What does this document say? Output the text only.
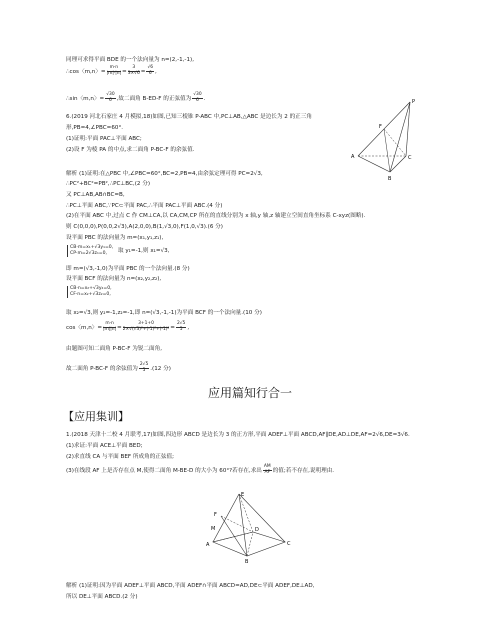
同理可求得平面 BDE 的一个法向量为 n=(2,-1,-1),
∴cos〈m,n〉= $\frac{m\cdot n}{|m|\cdot|n|} = \frac{3}{3\times√6} = \frac{√6}{6}$ ,
∴sin〈m,n〉= $\frac{√30}{6}$ ,故二面角 B-ED-F 的正弦值为 $\frac{√30}{6}$ .
6.(2019 河北石家庄 4 月模拟,18)如图,已知三棱锥 P-ABC 中,PC⊥AB,△ABC 是边长为 2 的正三角
形,PB=4,∠PBC=60°.
(1)证明:平面 PAC⊥平面 ABC;
(2)设 F 为棱 PA 的中点,求二面角 P-BC-F 的余弦值.
P
A
B
C
F
解析 (1)证明:在△PBC 中,∠PBC=60°,BC=2,PB=4,由余弦定理可得 PC=2√3,
∴PC²+BC²=PB²,∴PC⊥BC,(2 分)
又 PC⊥AB,AB∩BC=B,
∴PC⊥平面 ABC,∵PC⊂平面 PAC,∴平面 PAC⊥平面 ABC.(4 分)
(2)在平面 ABC 中,过点 C 作 CM⊥CA,以 CA,CM,CP 所在的直线分别为 x 轴,y 轴,z 轴建立空间直角坐标系 C-xyz(图略).
则 C(0,0,0),P(0,0,2√3),A(2,0,0),B(1,√3,0),F(1,0,√3).(6 分)
设平面 PBC 的法向量为 m=(x₁,y₁,z₁),
CB·m=x₁+√3y₁=0,
CP·m=2√3z₁=0,	取 y₁=-1,则 x₁=√3,
即 m=(√3,-1,0)为平面 PBC 的一个法向量.(8 分)
设平面 BCF 的法向量为 n=(x₂,y₂,z₂),
CB·n=x₂+√3y₂=0,
CF·n=x₂+√3z₂=0,
取 x₂=√3,则 y₂=-1,z₂=-1,即 n=(√3,-1,-1)为平面 BCF 的一个法向量.(10 分)
cos〈m,n〉= $\frac{m\cdot n}{|m||n|} = \frac{3+1+0}{\text{2×√(√3)²+(-1)²+(-1)²}} = \frac{2√5}{5}$ ,
由题图可知二面角 P-BC-F 为锐二面角,
故二面角 P-BC-F 的余弦值为 $\frac{2√5}{5} .(12$ 分)
应用篇知行合一
【应用集训】
1.(2018 天津十二校 4 月联考,17)如图,四边形 ABCD 是边长为 3 的正方形,平面 ADEF⊥平面 ABCD,AF∥DE,AD⊥DE,AF=2√6,DE=3√6.
(1)求证:平面 ACE⊥平面 BED;
(2)求直线 CA 与平面 BEF 所成角的正弦值;
(3)在线段 AF 上是否存在点 M,使得二面角 M-BE-D 的大小为 60°?若存在,求出 $\frac{AM}{AF}$ 的值;若不存在,说明理由.
E
F
M
A
B
C
D
解析 (1)证明:因为平面 ADEF⊥平面 ABCD,平面 ADEF∩平面 ABCD=AD,DE⊂平面 ADEF,DE⊥AD,
所以 DE⊥平面 ABCD.(2 分)
